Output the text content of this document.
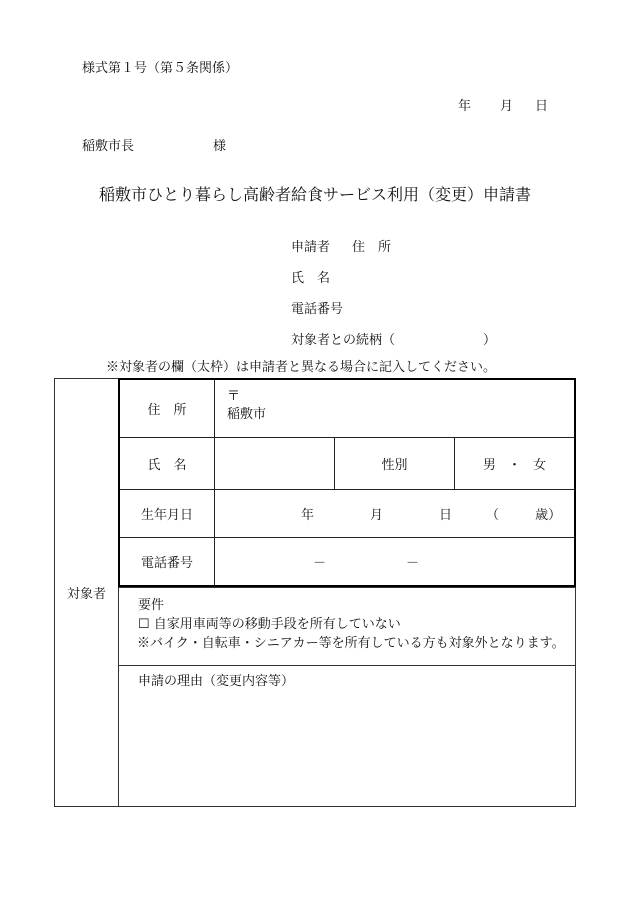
様式第１号（第５条関係）
年 月 日
稲敷市長	様
稲敷市ひとり暮らし高齢者給食サービス利用（変更）申請書
申請者 住　所
氏　名
電話番号
対象者との続柄（	）
※対象者の欄（太枠）は申請者と異なる場合に記入してください。
対象者	
住　所	
〒
稲敷市

氏　名		性別	男 ・ 女
生年月日	年	月	日	（	歳）
電話番号	－	－

要件
☐ 自家用車両等の移動手段を所有していない
※バイク・自転車・シニアカー等を所有している方も対象外となります。

申請の理由（変更内容等）
